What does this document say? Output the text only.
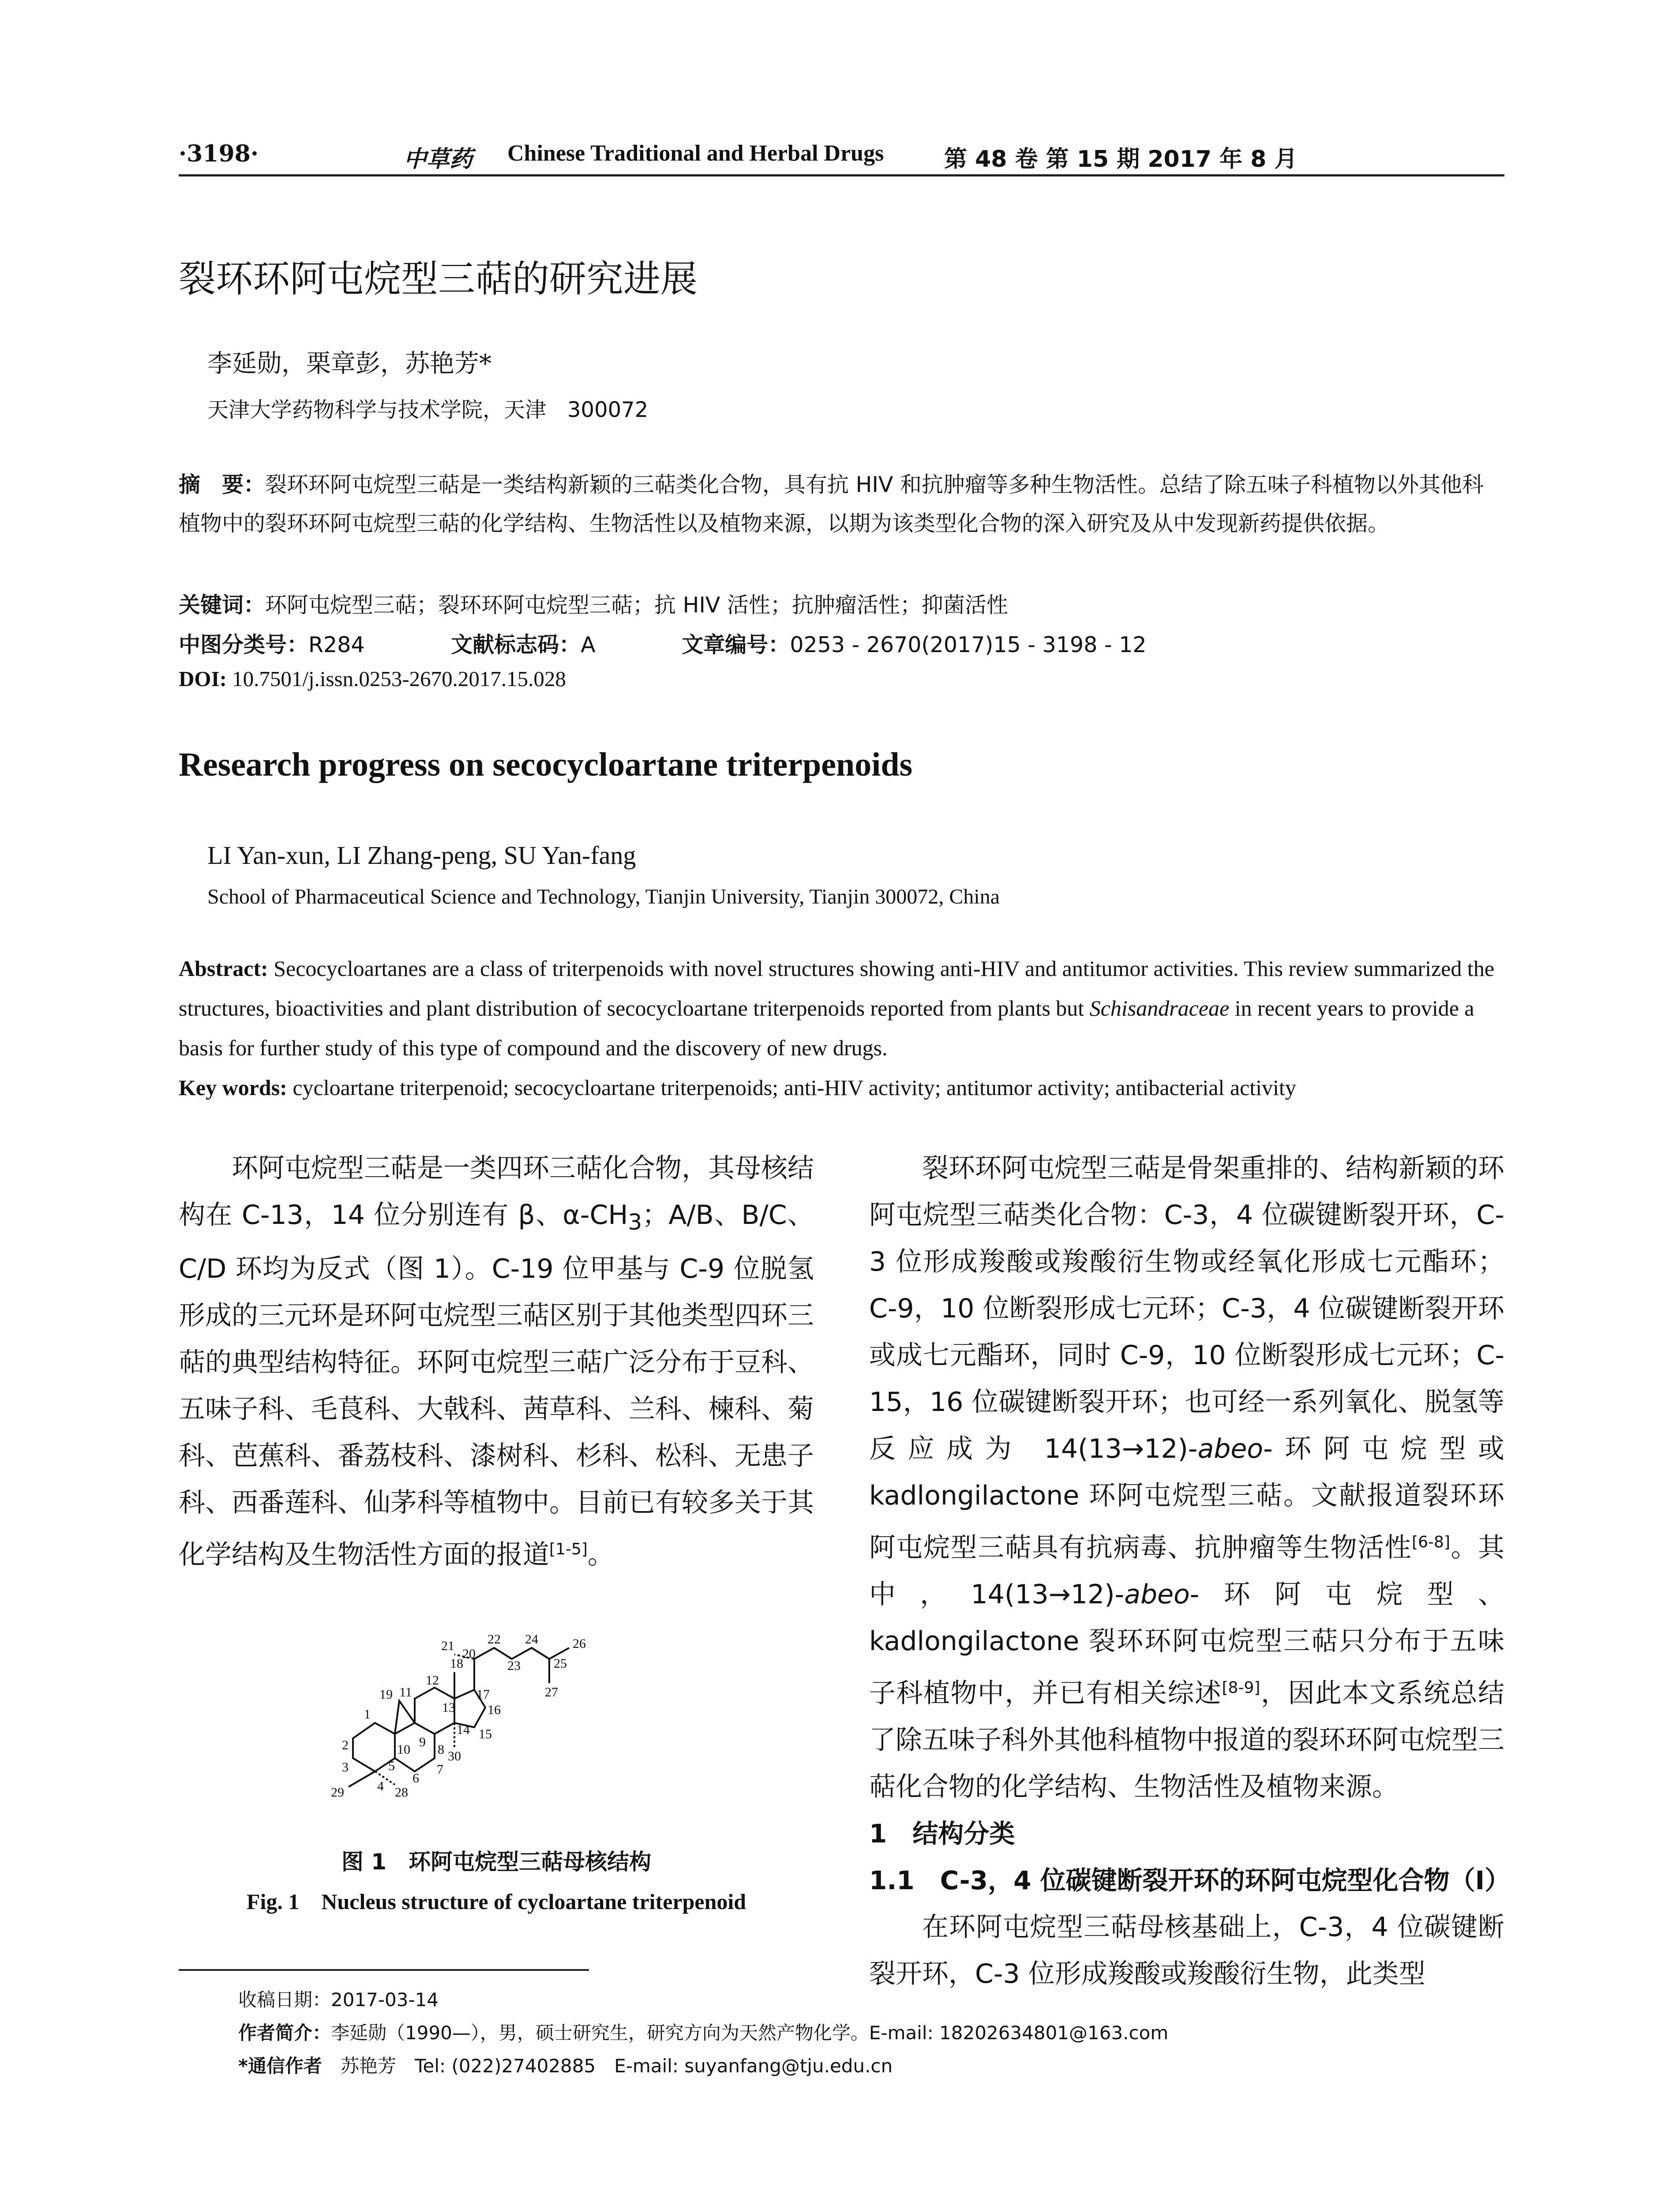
·3198·	中草药 Chinese Traditional and Herbal Drugs	第 48 卷 第 15 期 2017 年 8 月
裂环环阿屯烷型三萜的研究进展
李延勋，栗章彭，苏艳芳*
天津大学药物科学与技术学院，天津　300072
摘　要：裂环环阿屯烷型三萜是一类结构新颖的三萜类化合物，具有抗 HIV 和抗肿瘤等多种生物活性。总结了除五味子科植物以外其他科植物中的裂环环阿屯烷型三萜的化学结构、生物活性以及植物来源，以期为该类型化合物的深入研究及从中发现新药提供依据。
关键词：环阿屯烷型三萜；裂环环阿屯烷型三萜；抗 HIV 活性；抗肿瘤活性；抑菌活性
中图分类号：R284	文献标志码：A	文章编号：0253 - 2670(2017)15 - 3198 - 12
DOI: 10.7501/j.issn.0253-2670.2017.15.028
Research progress on secocycloartane triterpenoids
LI Yan-xun, LI Zhang-peng, SU Yan-fang
School of Pharmaceutical Science and Technology, Tianjin University, Tianjin 300072, China
Abstract: Secocycloartanes are a class of triterpenoids with novel structures showing anti-HIV and antitumor activities. This review summarized the structures, bioactivities and plant distribution of secocycloartane triterpenoids reported from plants but Schisandraceae in recent years to provide a basis for further study of this type of compound and the discovery of new drugs.
Key words: cycloartane triterpenoid; secocycloartane triterpenoids; anti-HIV activity; antitumor activity; antibacterial activity

环阿屯烷型三萜是一类四环三萜化合物，其母核结构在 C-13，14 位分别连有 β、$\alpha-CH_3$；A/B、B/C、C/D 环均为反式（图 1）。C-19 位甲基与 C-9 位脱氢形成的三元环是环阿屯烷型三萜区别于其他类型四环三萜的典型结构特征。环阿屯烷型三萜广泛分布于豆科、五味子科、毛茛科、大戟科、茜草科、兰科、楝科、菊科、芭蕉科、番荔枝科、漆树科、杉科、松科、无患子科、西番莲科、仙茅科等植物中。目前已有较多关于其化学结构及生物活性方面的报道[1-5]。

1
2
3
4
5
6
7
8
9
10
11
12
13
14 15
16
17
18
19
20
21	22
23
24
25
26
27
28
29
30
图 1　环阿屯烷型三萜母核结构
Fig. 1　Nucleus structure of cycloartane triterpenoid

裂环环阿屯烷型三萜是骨架重排的、结构新颖的环阿屯烷型三萜类化合物：C-3，4 位碳键断裂开环，C-3 位形成羧酸或羧酸衍生物或经氧化形成七元酯环；C-9，10 位断裂形成七元环；C-3，4 位碳键断裂开环或成七元酯环，同时 C-9，10 位断裂形成七元环；C-15，16 位碳键断裂开环；也可经一系列氧化、脱氢等反应成为 14(13→12)-abeo-环阿屯烷型或 kadlongilactone 环阿屯烷型三萜。文献报道裂环环阿屯烷型三萜具有抗病毒、抗肿瘤等生物活性[6-8]。其中，14(13→12)-abeo-环阿屯烷型、kadlongilactone 裂环环阿屯烷型三萜只分布于五味子科植物中，并已有相关综述[8-9]，因此本文系统总结了除五味子科外其他科植物中报道的裂环环阿屯烷型三萜化合物的化学结构、生物活性及植物来源。

1　结构分类
1.1　C-3，4 位碳键断裂开环的环阿屯烷型化合物（I）

在环阿屯烷型三萜母核基础上，C-3，4 位碳键断裂开环，C-3 位形成羧酸或羧酸衍生物，此类型

收稿日期：2017-03-14
作者简介：李延勋（1990—），男，硕士研究生，研究方向为天然产物化学。E-mail: 18202634801@163.com
*通信作者　 苏艳芳　Tel: (022)27402885　E-mail: suyanfang@tju.edu.cn
